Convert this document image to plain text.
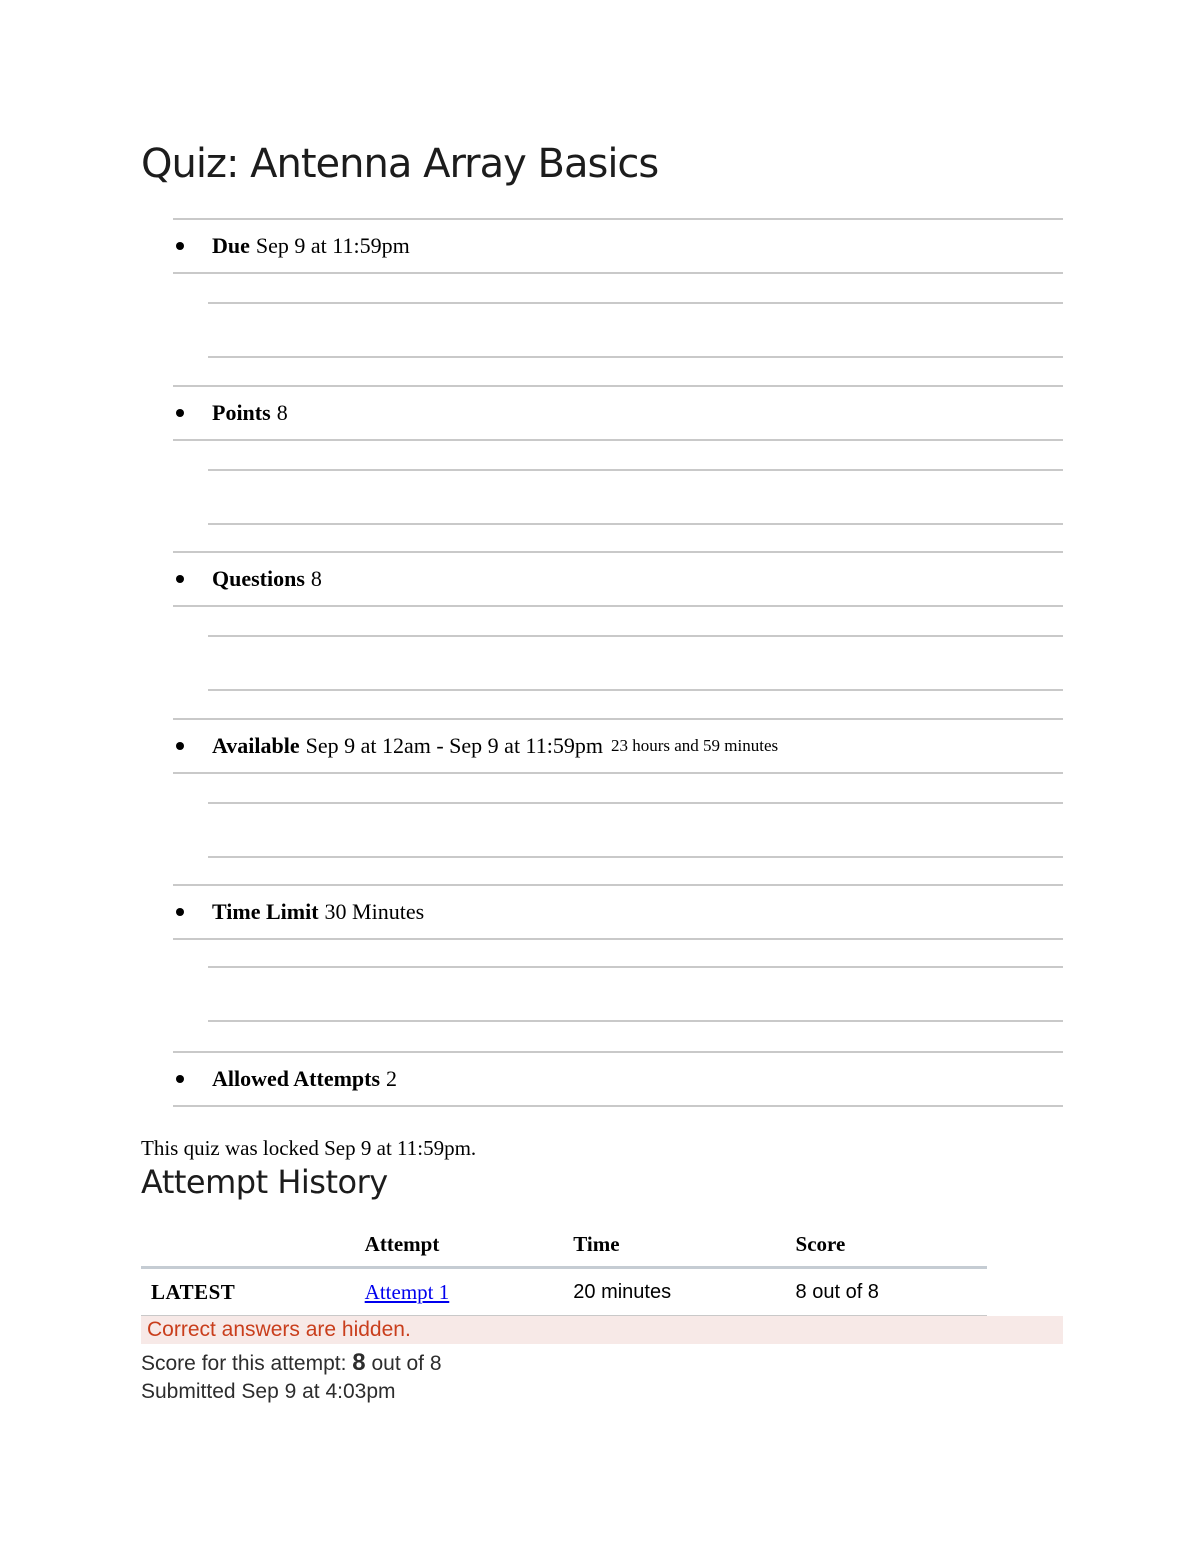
Quiz: Antenna Array Basics
Due Sep 9 at 11:59pm
Points 8
Questions 8
Available Sep 9 at 12am - Sep 9 at 11:59pm 23 hours and 59 minutes
Time Limit 30 Minutes
Allowed Attempts 2
This quiz was locked Sep 9 at 11:59pm.
Attempt History
	Attempt	Time	Score
LATEST	Attempt 1	20 minutes	8 out of 8
Correct answers are hidden.
Score for this attempt: 8 out of 8
Submitted Sep 9 at 4:03pm
